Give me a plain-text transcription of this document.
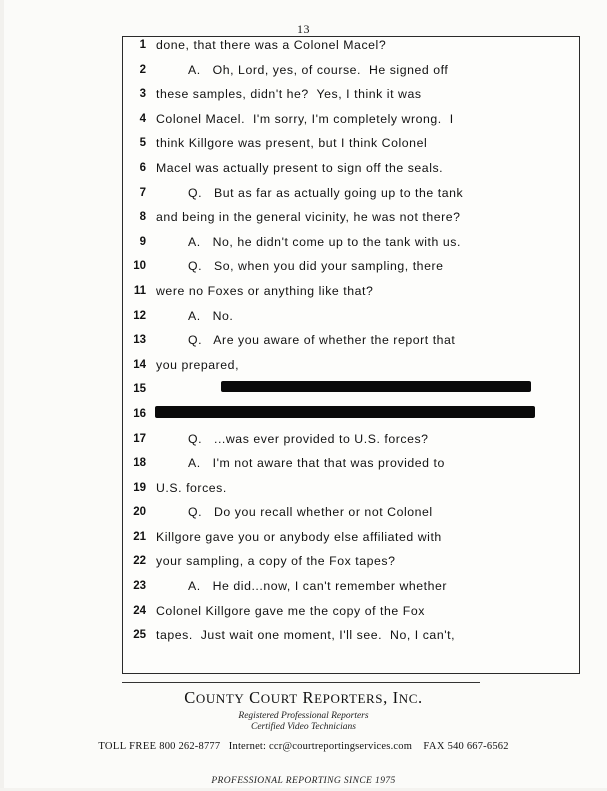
13
1 done, that there was a Colonel Macel?
2	A.   Oh, Lord, yes, of course.  He signed off
3 these samples, didn't he?  Yes, I think it was
4 Colonel Macel.  I'm sorry, I'm completely wrong.  I
5 think Killgore was present, but I think Colonel
6 Macel was actually present to sign off the seals.
7	Q.   But as far as actually going up to the tank
8 and being in the general vicinity, he was not there?
9	A.   No, he didn't come up to the tank with us.
10	Q.   So, when you did your sampling, there
11 were no Foxes or anything like that?
12	A.   No.
13	Q.   Are you aware of whether the report that
14 you prepared,
15
16
17	Q.   ...was ever provided to U.S. forces?
18	A.   I'm not aware that that was provided to
19 U.S. forces.
20	Q.   Do you recall whether or not Colonel
21 Killgore gave you or anybody else affiliated with
22 your sampling, a copy of the Fox tapes?
23	A.   He did...now, I can't remember whether
24 Colonel Killgore gave me the copy of the Fox
25 tapes.  Just wait one moment, I'll see.  No, I can't,
COUNTY COURT REPORTERS, INC.
Registered Professional Reporters
Certified Video Technicians
TOLL FREE 800 262-8777 Internet: ccr@courtreportingservices.com FAX 540 667-6562
PROFESSIONAL REPORTING SINCE 1975
